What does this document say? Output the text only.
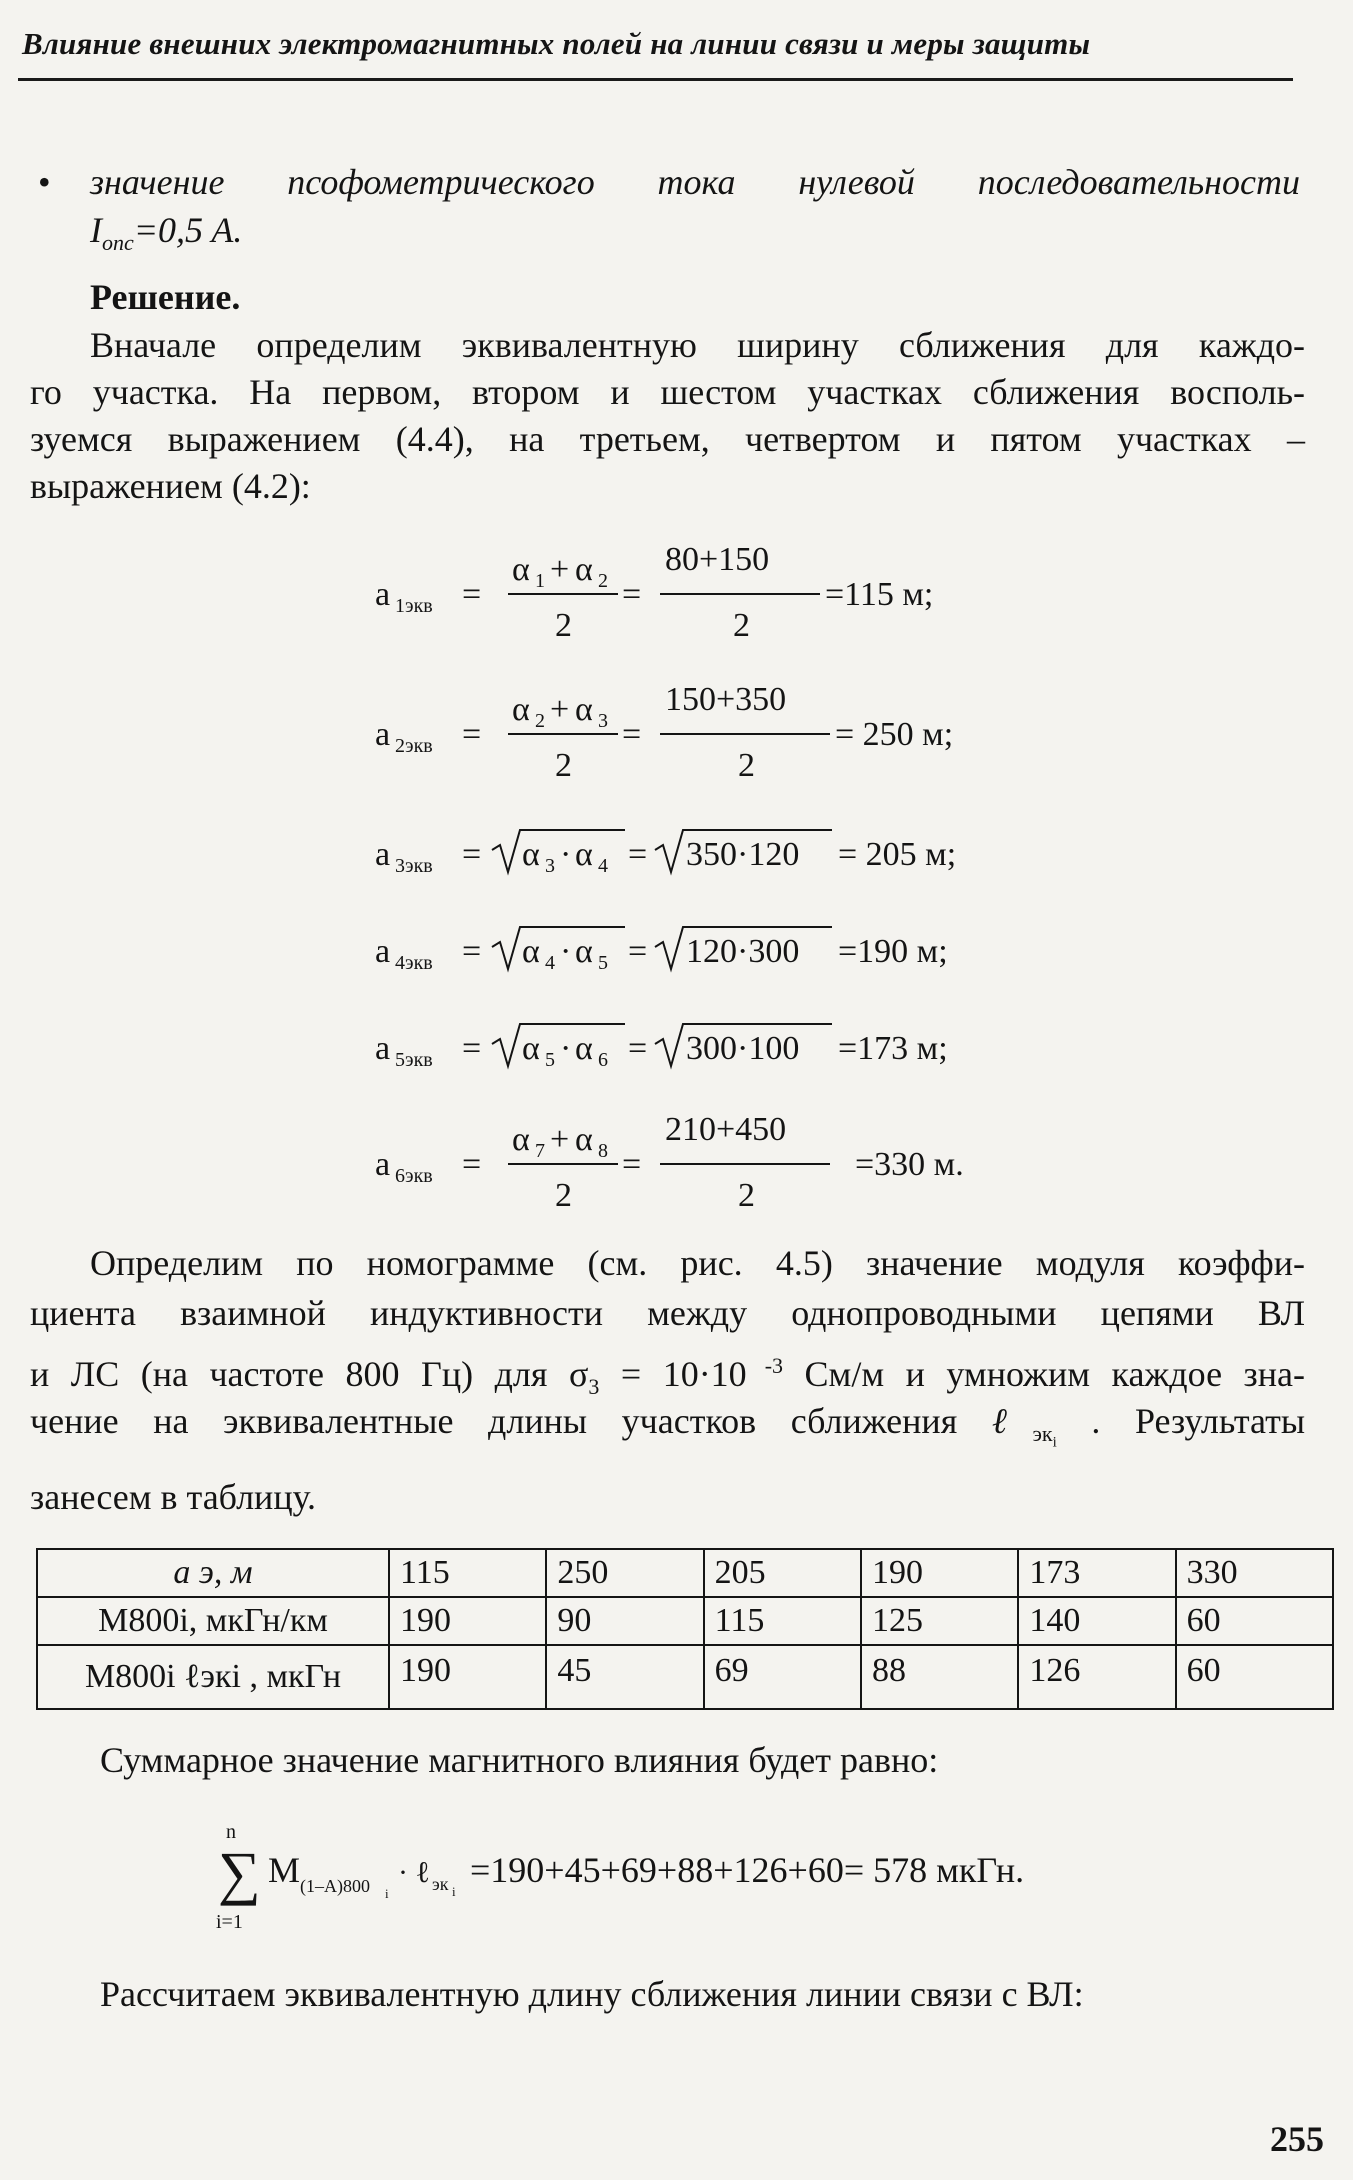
Влияние внешних электромагнитных полей на линии связи и меры защиты
• значение псофометрического тока нулевой последовательности
$I_{onc}=0,5$ A.
Решение.
Вначале определим эквивалентную ширину сближения для каждо-
го участка. На первом, втором и шестом участках сближения восполь-
зуемся выражением (4.4), на третьем, четвертом и пятом участках –
выражением (4.2):
a 1экв =
α 1 + α 2
2
=
80+150
2
=115 м;
a 2экв =
α 2 + α 3
2
=
150+350
2
= 250 м;
a 3экв = α 3 · α 4 = 350·120 = 205 м;
a 4экв = α 4 · α 5 = 120·300 =190 м;
a 5экв = α 5 · α 6 = 300·100 =173 м;
a 6экв =
α 7 + α 8
2
=
210+450
2
=330 м.
n
∑
i=1
M (1–A)800 i
· ℓ эк i
=190+45+69+88+126+60= 578 мкГн.
Определим по номограмме (см. рис. 4.5) значение модуля коэффи-
циента взаимной индуктивности между однопроводными цепями ВЛ
и ЛС (на частоте 800 Гц) для $\sigma_3 = 10\cdot 10$ $^{-3}$ См/м и умножим каждое зна-
чение на эквивалентные длины участков сближения ℓ$_{эк_i}$ . Результаты
занесем в таблицу.
a э, м	115	250	205	190	173	330
M800i, мкГн/км	190	90	115	125	140	60
M800i ℓэкi , мкГн	190	45	69	88	126	60
Суммарное значение магнитного влияния будет равно:
Рассчитаем эквивалентную длину сближения линии связи с ВЛ:
255
